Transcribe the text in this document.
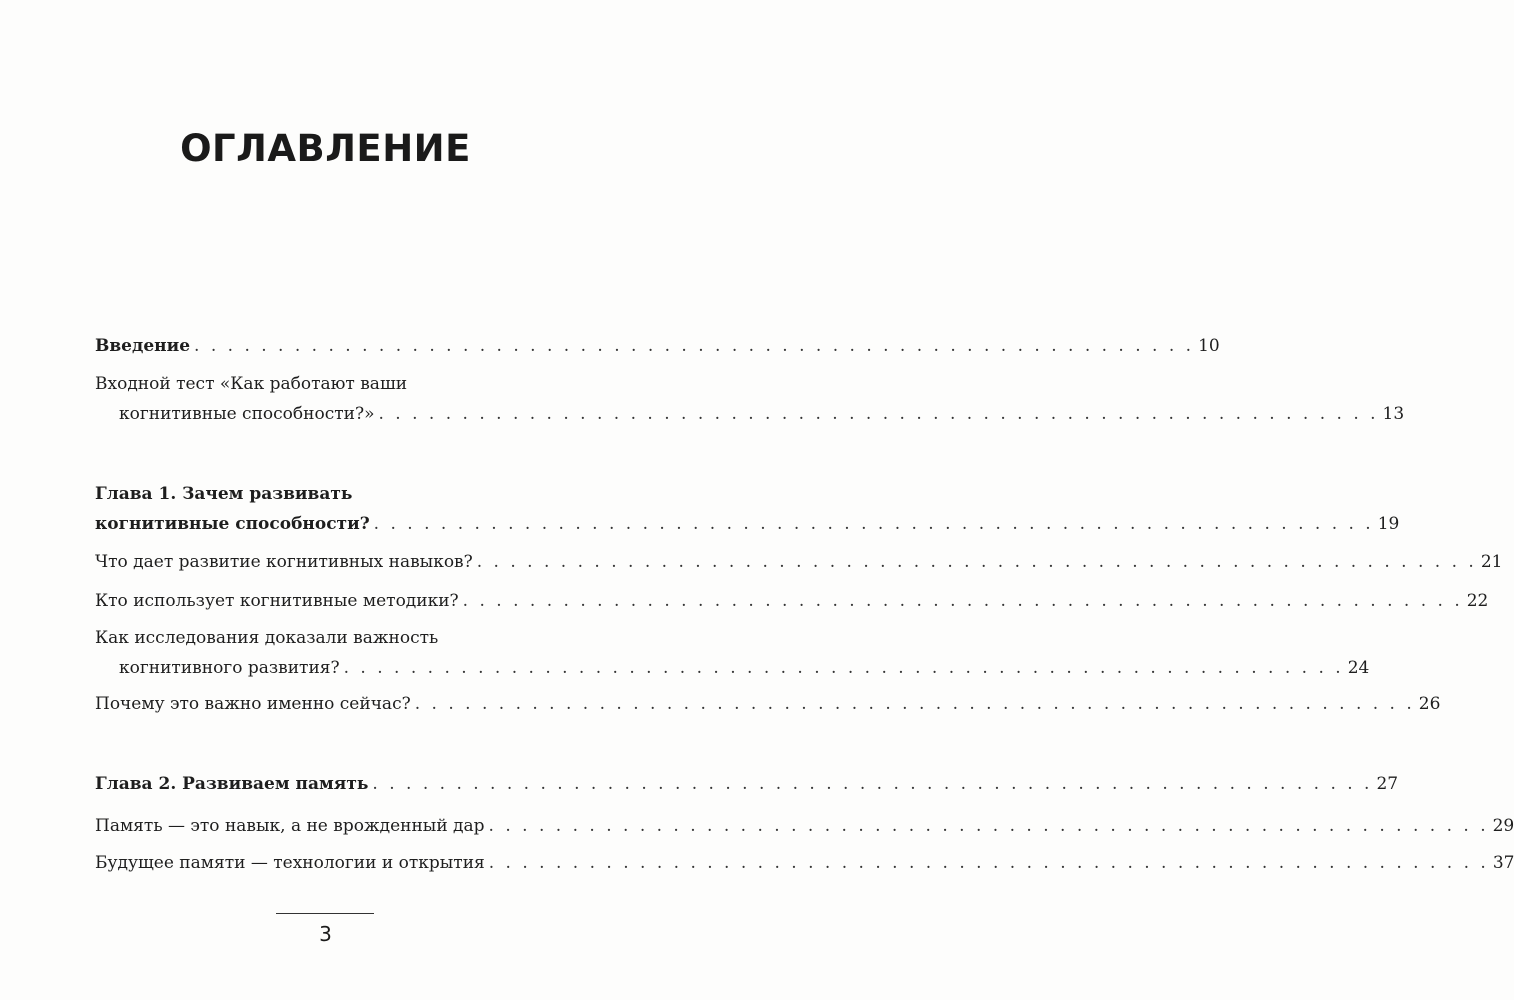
ОГЛАВЛЕНИЕ
Введение . . . . . . . . . . . . . . . . . . . . . . . . . . . . . . . . . . . . . . . . . . . . . . . . . . . . . . . . . . . . 10
Входной тест «Как работают ваши
когнитивные способности?» . . . . . . . . . . . . . . . . . . . . . . . . . . . . . . . . . . . . . . . . . . . . . . . . . . . . . . . . . . . . 13
Глава 1. Зачем развивать
когнитивные способности? . . . . . . . . . . . . . . . . . . . . . . . . . . . . . . . . . . . . . . . . . . . . . . . . . . . . . . . . . . . . 19
Что дает развитие когнитивных навыков? . . . . . . . . . . . . . . . . . . . . . . . . . . . . . . . . . . . . . . . . . . . . . . . . . . . . . . . . . . . . 21
Кто использует когнитивные методики? . . . . . . . . . . . . . . . . . . . . . . . . . . . . . . . . . . . . . . . . . . . . . . . . . . . . . . . . . . . . 22
Как исследования доказали важность
когнитивного развития? . . . . . . . . . . . . . . . . . . . . . . . . . . . . . . . . . . . . . . . . . . . . . . . . . . . . . . . . . . . . 24
Почему это важно именно сейчас? . . . . . . . . . . . . . . . . . . . . . . . . . . . . . . . . . . . . . . . . . . . . . . . . . . . . . . . . . . . . 26
Глава 2. Развиваем память . . . . . . . . . . . . . . . . . . . . . . . . . . . . . . . . . . . . . . . . . . . . . . . . . . . . . . . . . . . . 27
Память — это навык, а не врожденный дар . . . . . . . . . . . . . . . . . . . . . . . . . . . . . . . . . . . . . . . . . . . . . . . . . . . . . . . . . . . . 29
Будущее памяти — технологии и открытия . . . . . . . . . . . . . . . . . . . . . . . . . . . . . . . . . . . . . . . . . . . . . . . . . . . . . . . . . . . . 37
3
